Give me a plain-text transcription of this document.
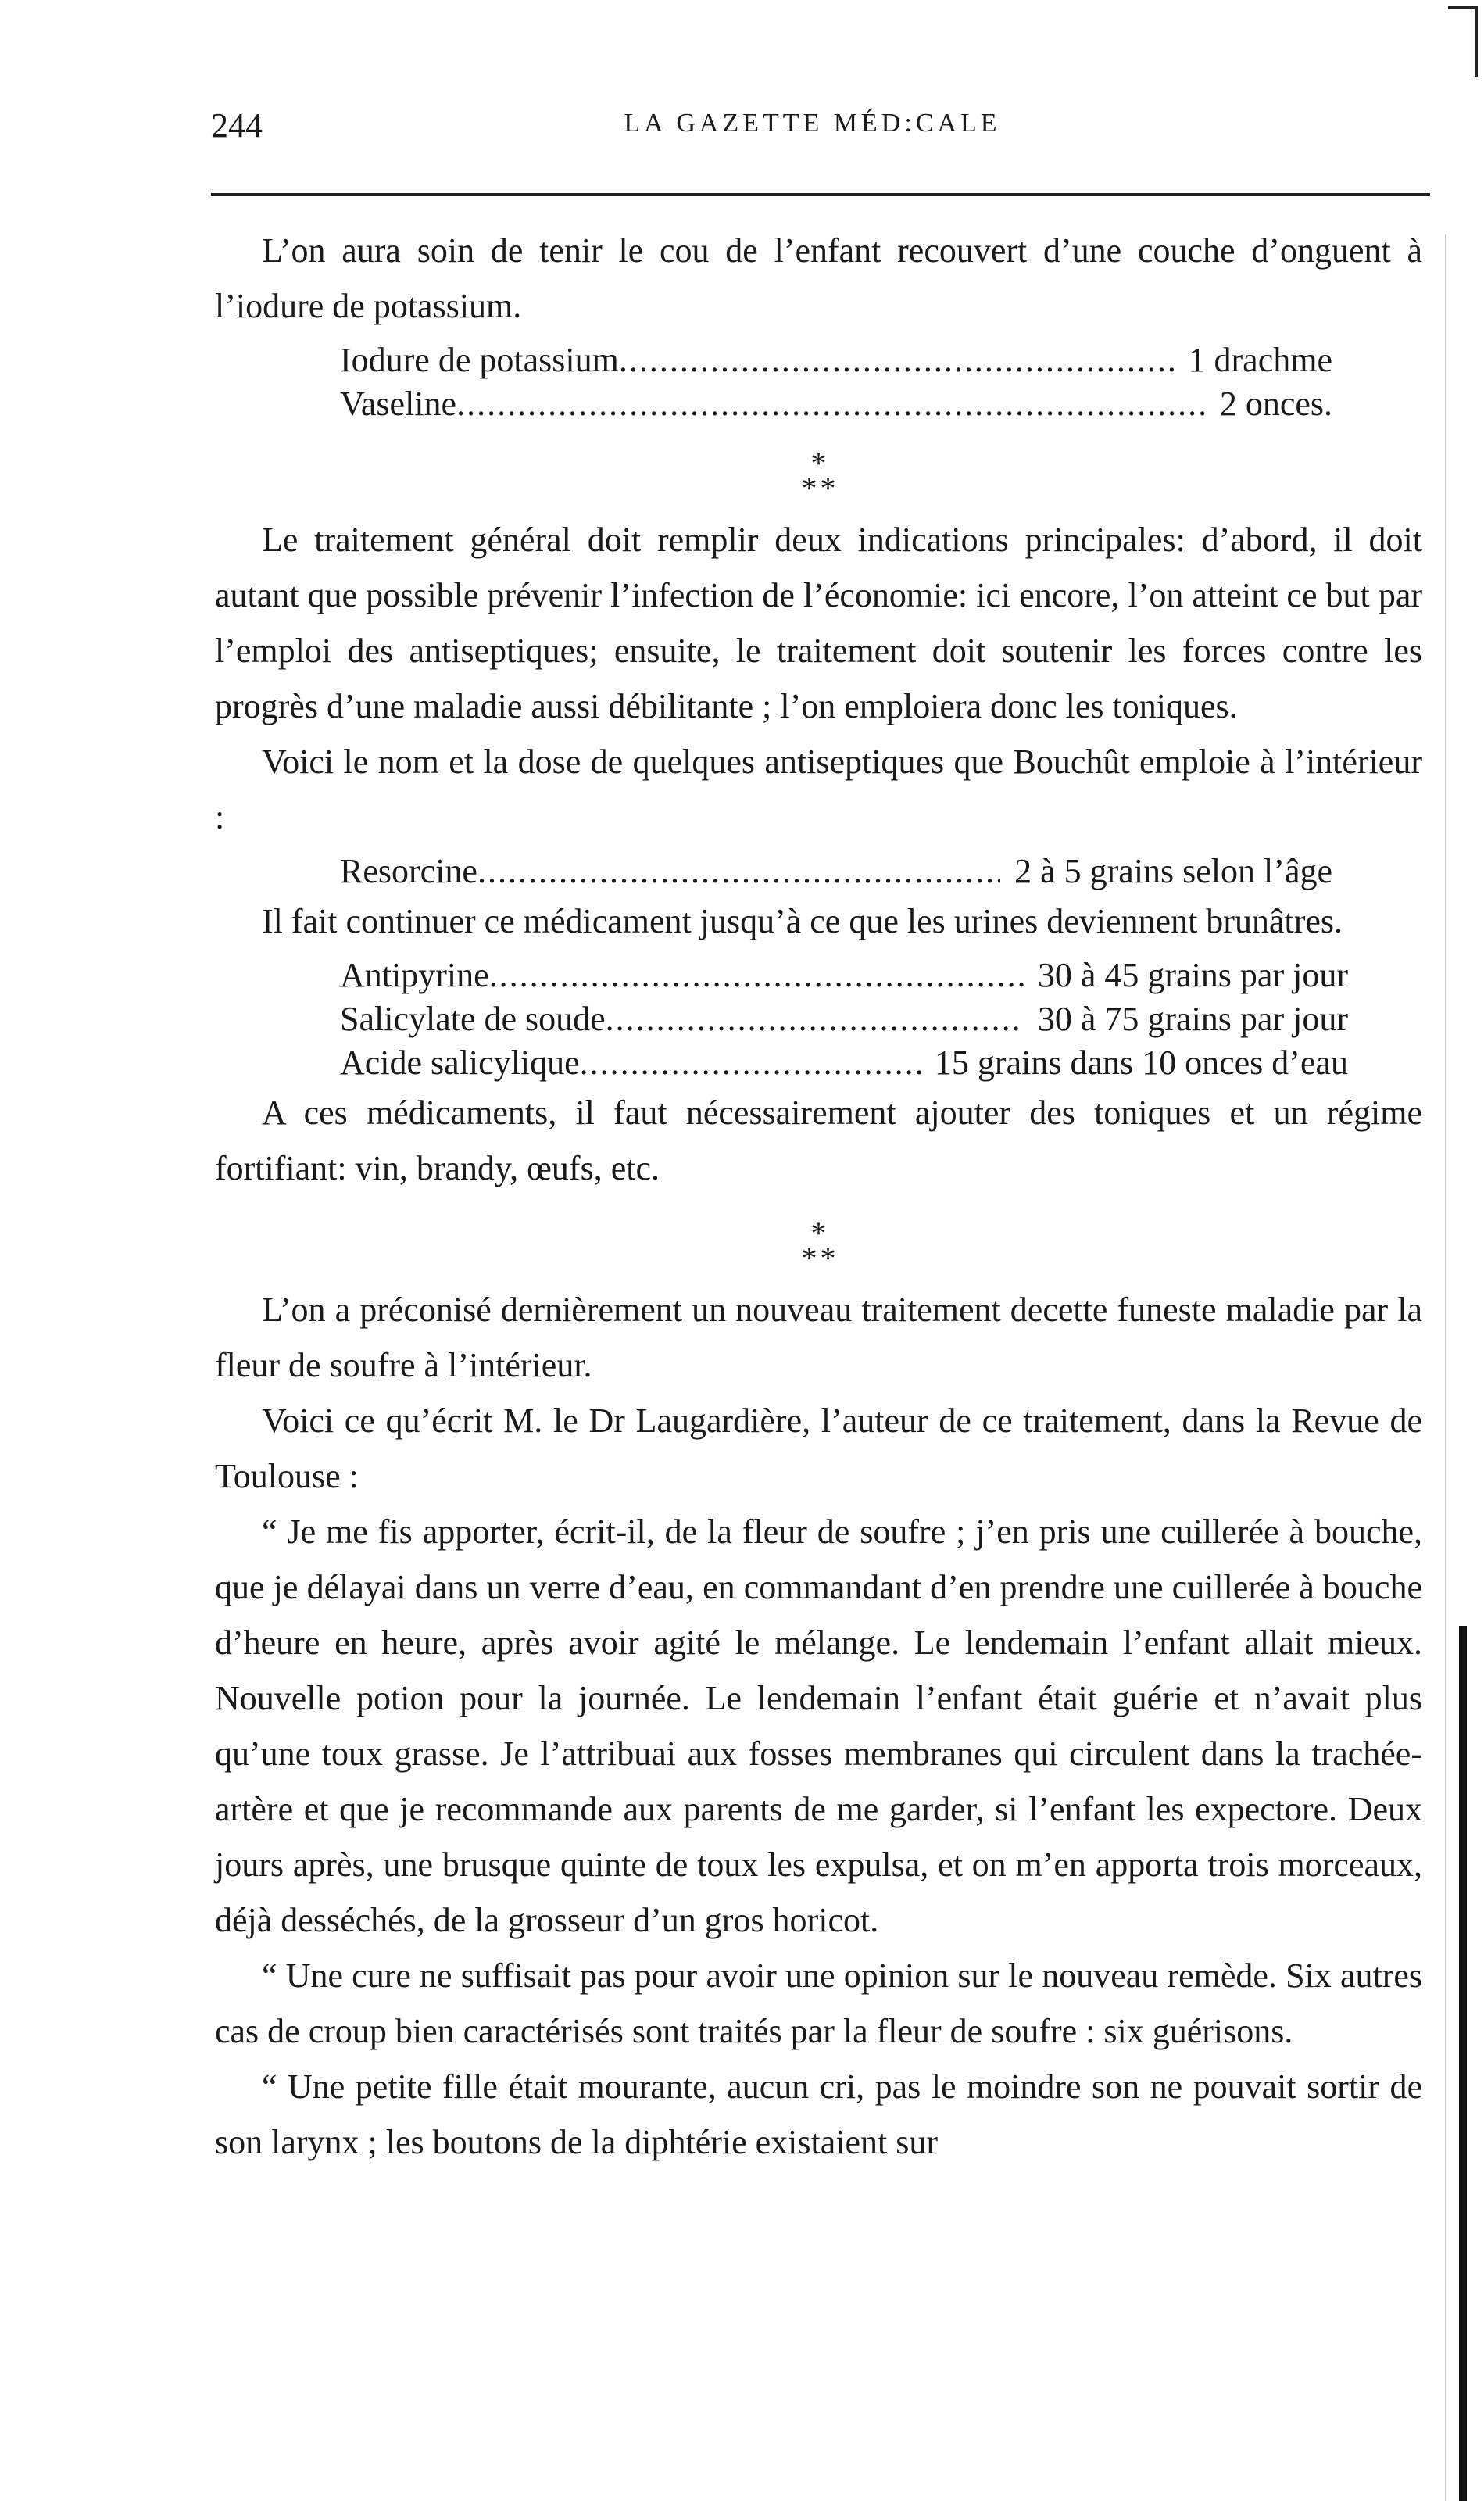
244	LA GAZETTE MÉD:CALE

L’on aura soin de tenir le cou de l’enfant recouvert d’une couche d’onguent à l’iodure de potassium.

Iodure de potassium .....	1 drachme
Vaseline .....	2 onces.
*
* *

Le traitement général doit remplir deux indications principales: d’abord, il doit autant que possible prévenir l’infection de l’économie: ici encore, l’on atteint ce but par l’emploi des antiseptiques; ensuite, le traitement doit soutenir les forces contre les progrès d’une maladie aussi débilitante ; l’on emploiera donc les toniques.

Voici le nom et la dose de quelques antiseptiques que Bouchût emploie à l’intérieur :

Resorcine .....	2 à 5 grains selon l’âge

Il fait continuer ce médicament jusqu’à ce que les urines deviennent brunâtres.

Antipyrine .....	30 à 45 grains par jour
Salicylate de soude .....	30 à 75 grains par jour
Acide salicylique .....	15 grains dans 10 onces d’eau

A ces médicaments, il faut nécessairement ajouter des toniques et un régime fortifiant: vin, brandy, œufs, etc.

*
* *

L’on a préconisé dernièrement un nouveau traitement decette funeste maladie par la fleur de soufre à l’intérieur.

Voici ce qu’écrit M. le Dr Laugardière, l’auteur de ce traitement, dans la Revue de Toulouse :

“ Je me fis apporter, écrit-il, de la fleur de soufre ; j’en pris une cuillerée à bouche, que je délayai dans un verre d’eau, en commandant d’en prendre une cuillerée à bouche d’heure en heure, après avoir agité le mélange. Le lendemain l’enfant allait mieux. Nouvelle potion pour la journée. Le lendemain l’enfant était guérie et n’avait plus qu’une toux grasse. Je l’attribuai aux fosses membranes qui circulent dans la trachée-artère et que je recommande aux parents de me garder, si l’enfant les expectore. Deux jours après, une brusque quinte de toux les expulsa, et on m’en apporta trois morceaux, déjà desséchés, de la grosseur d’un gros horicot.

“ Une cure ne suffisait pas pour avoir une opinion sur le nouveau remède. Six autres cas de croup bien caractérisés sont traités par la fleur de soufre : six guérisons.

“ Une petite fille était mourante, aucun cri, pas le moindre son ne pouvait sortir de son larynx ; les boutons de la diphtérie existaient sur
